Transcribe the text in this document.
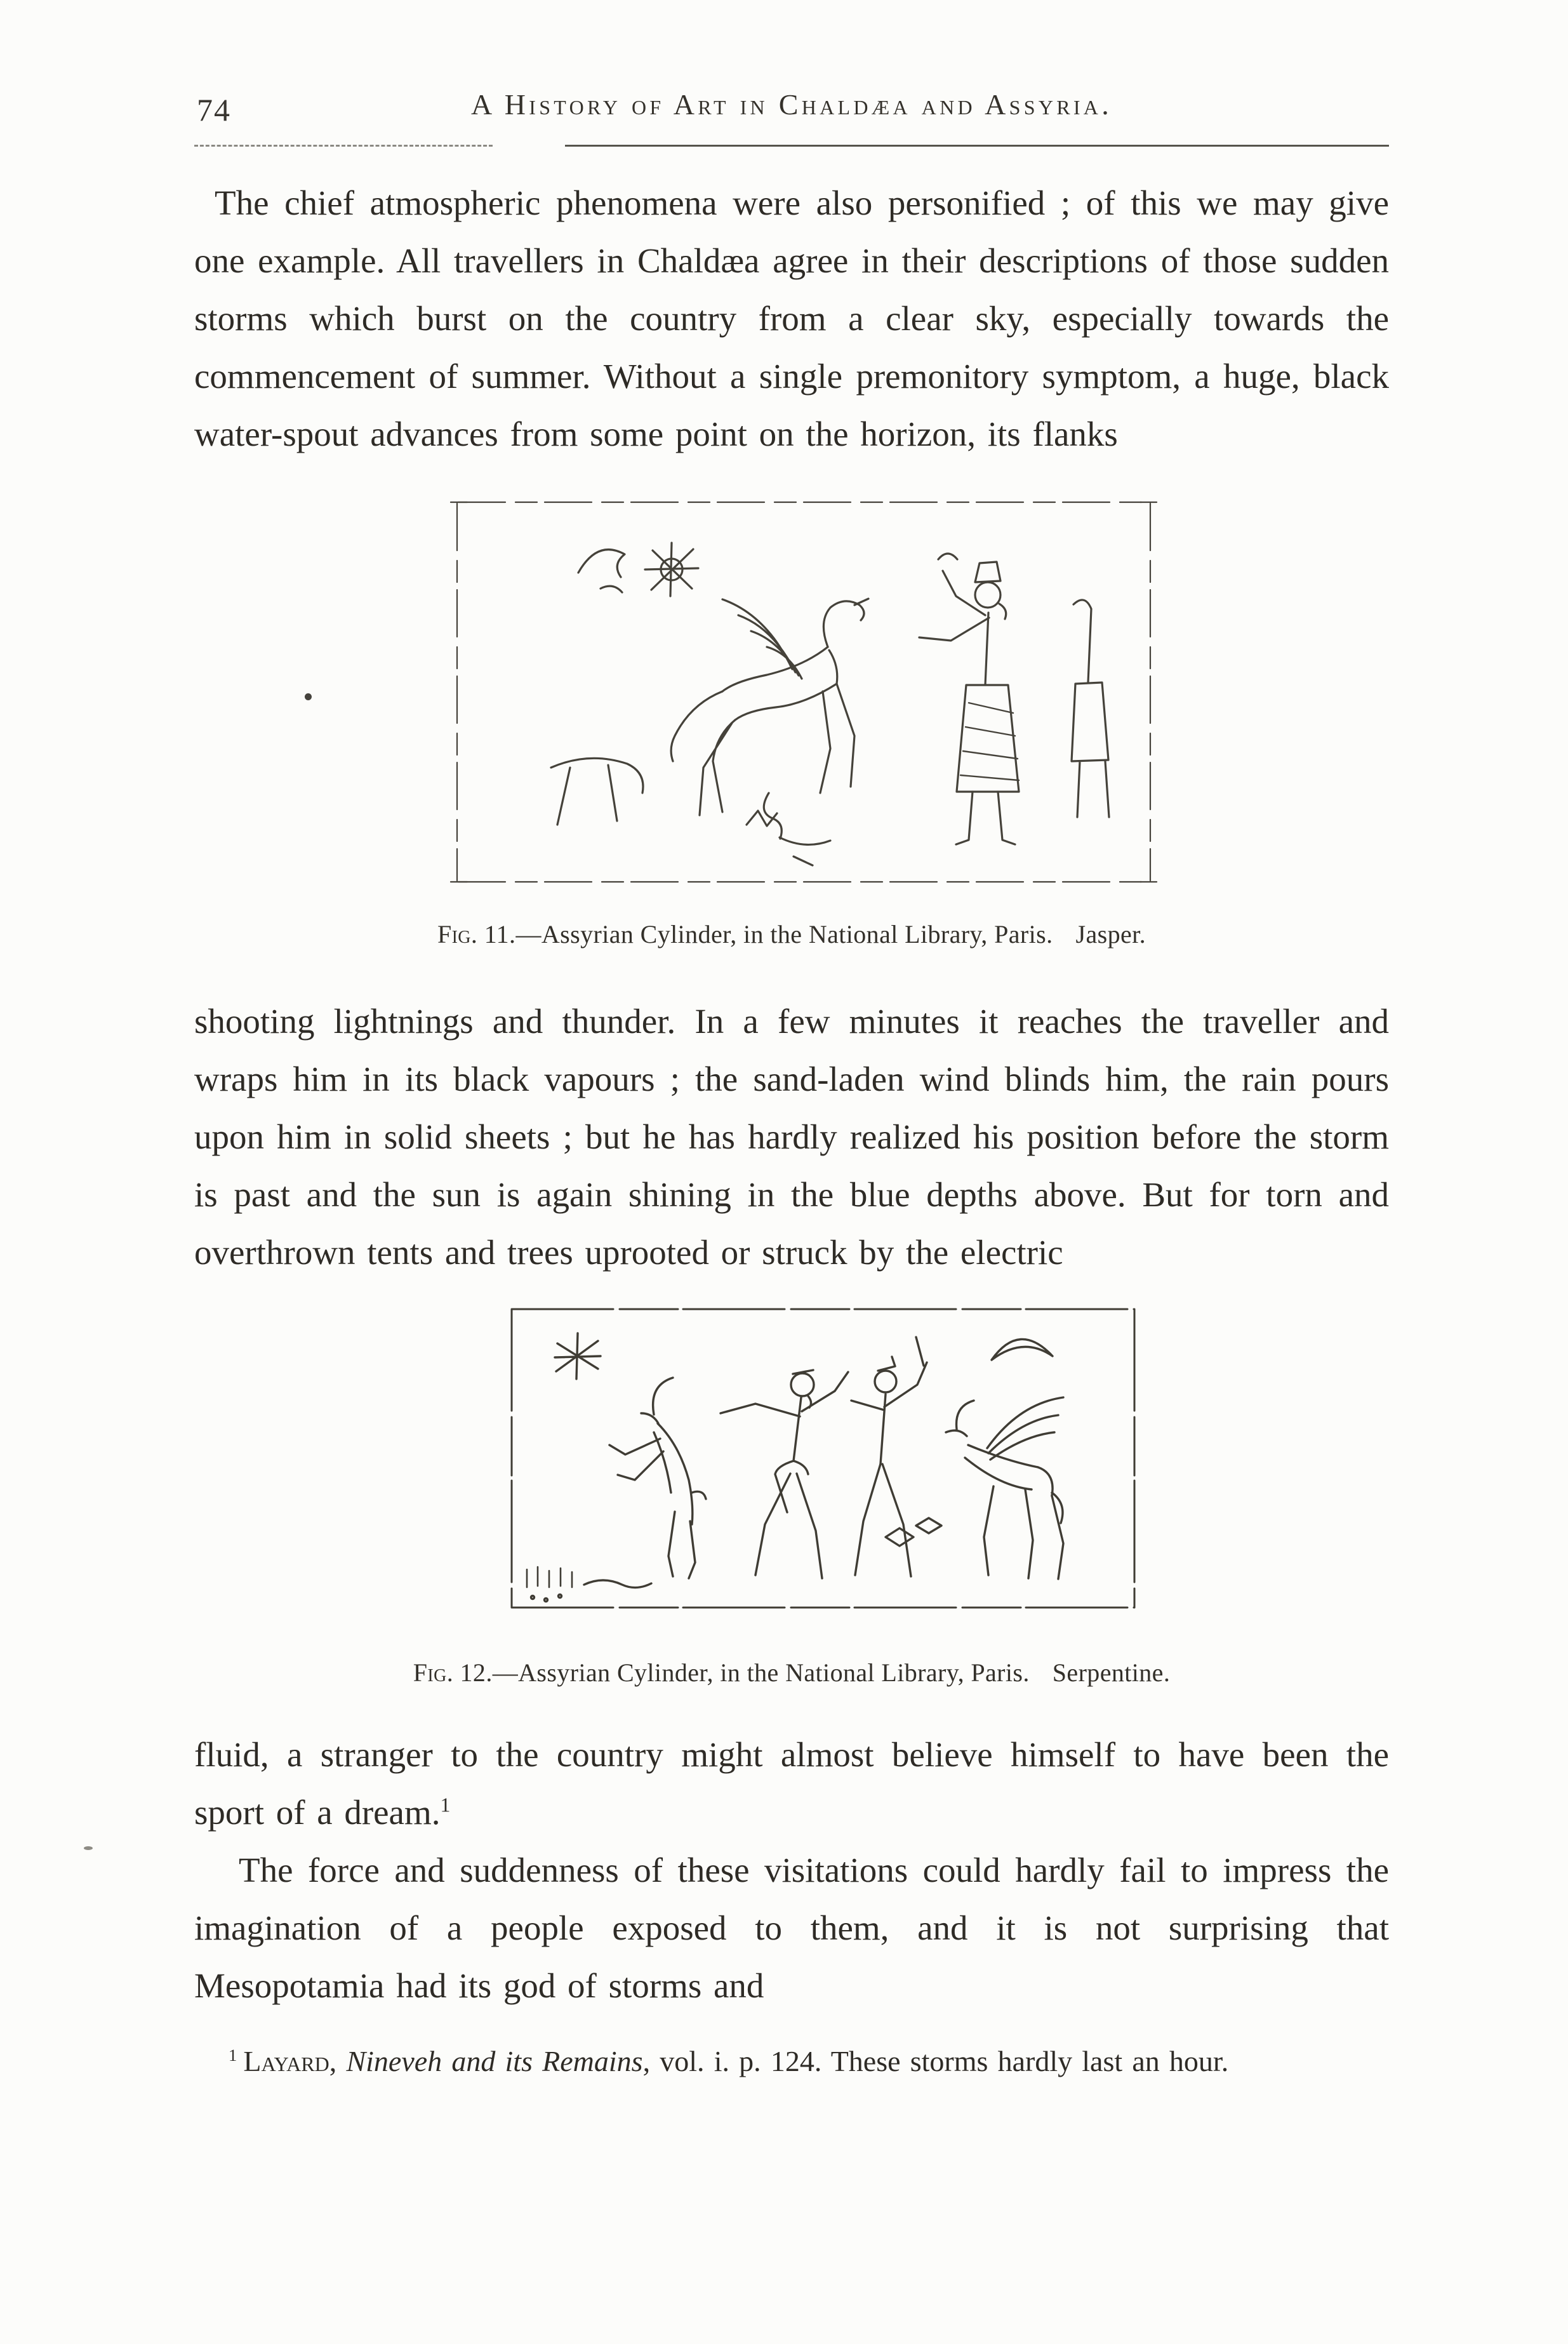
74	A History of Art in Chaldæa and Assyria.

The chief atmospheric phenomena were also personified ; of this we may give one example. All travellers in Chaldæa agree in their descriptions of those sudden storms which burst on the country from a clear sky, especially towards the commencement of summer. Without a single premonitory symptom, a huge, black water-spout advances from some point on the horizon, its flanks

Fig. 11.—Assyrian Cylinder, in the National Library, Paris. Jasper.

shooting lightnings and thunder. In a few minutes it reaches the traveller and wraps him in its black vapours ; the sand-laden wind blinds him, the rain pours upon him in solid sheets ; but he has hardly realized his position before the storm is past and the sun is again shining in the blue depths above. But for torn and overthrown tents and trees uprooted or struck by the electric

Fig. 12.—Assyrian Cylinder, in the National Library, Paris. Serpentine.

fluid, a stranger to the country might almost believe himself to have been the sport of a dream.$^1$

The force and suddenness of these visitations could hardly fail to impress the imagination of a people exposed to them, and it is not surprising that Mesopotamia had its god of storms and

$^1$ Layard, Nineveh and its Remains, vol. i. p. 124. These storms hardly last an hour.
